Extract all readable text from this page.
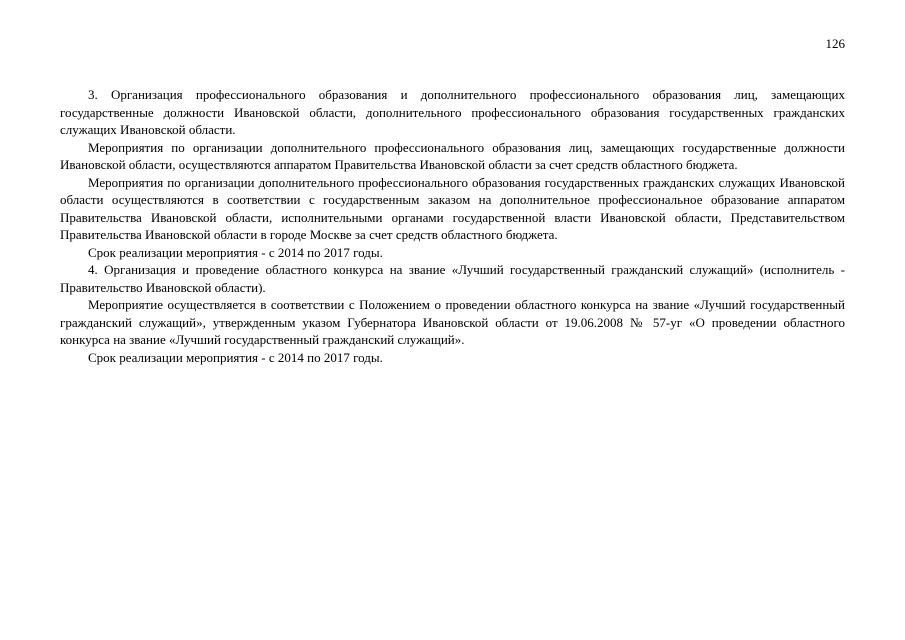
126

3. Организация профессионального образования и дополнительного профессионального образования лиц, замещающих государственные должности Ивановской области, дополнительного профессионального образования государственных гражданских служащих Ивановской области.

Мероприятия по организации дополнительного профессионального образования лиц, замещающих государственные должности Ивановской области, осуществляются аппаратом Правительства Ивановской области за счет средств областного бюджета.

Мероприятия по организации дополнительного профессионального образования государственных гражданских служащих Ивановской области осуществляются в соответствии с государственным заказом на дополнительное профессиональное образование аппаратом Правительства Ивановской области, исполнительными органами государственной власти Ивановской области, Представительством Правительства Ивановской области в городе Москве за счет средств областного бюджета.

Срок реализации мероприятия - с 2014 по 2017 годы.

4. Организация и проведение областного конкурса на звание «Лучший государственный гражданский служащий» (исполнитель - Правительство Ивановской области).

Мероприятие осуществляется в соответствии с Положением о проведении областного конкурса на звание «Лучший государственный гражданский служащий», утвержденным указом Губернатора Ивановской области от 19.06.2008 № 57-уг «О проведении областного конкурса на звание «Лучший государственный гражданский служащий».

Срок реализации мероприятия - с 2014 по 2017 годы.
